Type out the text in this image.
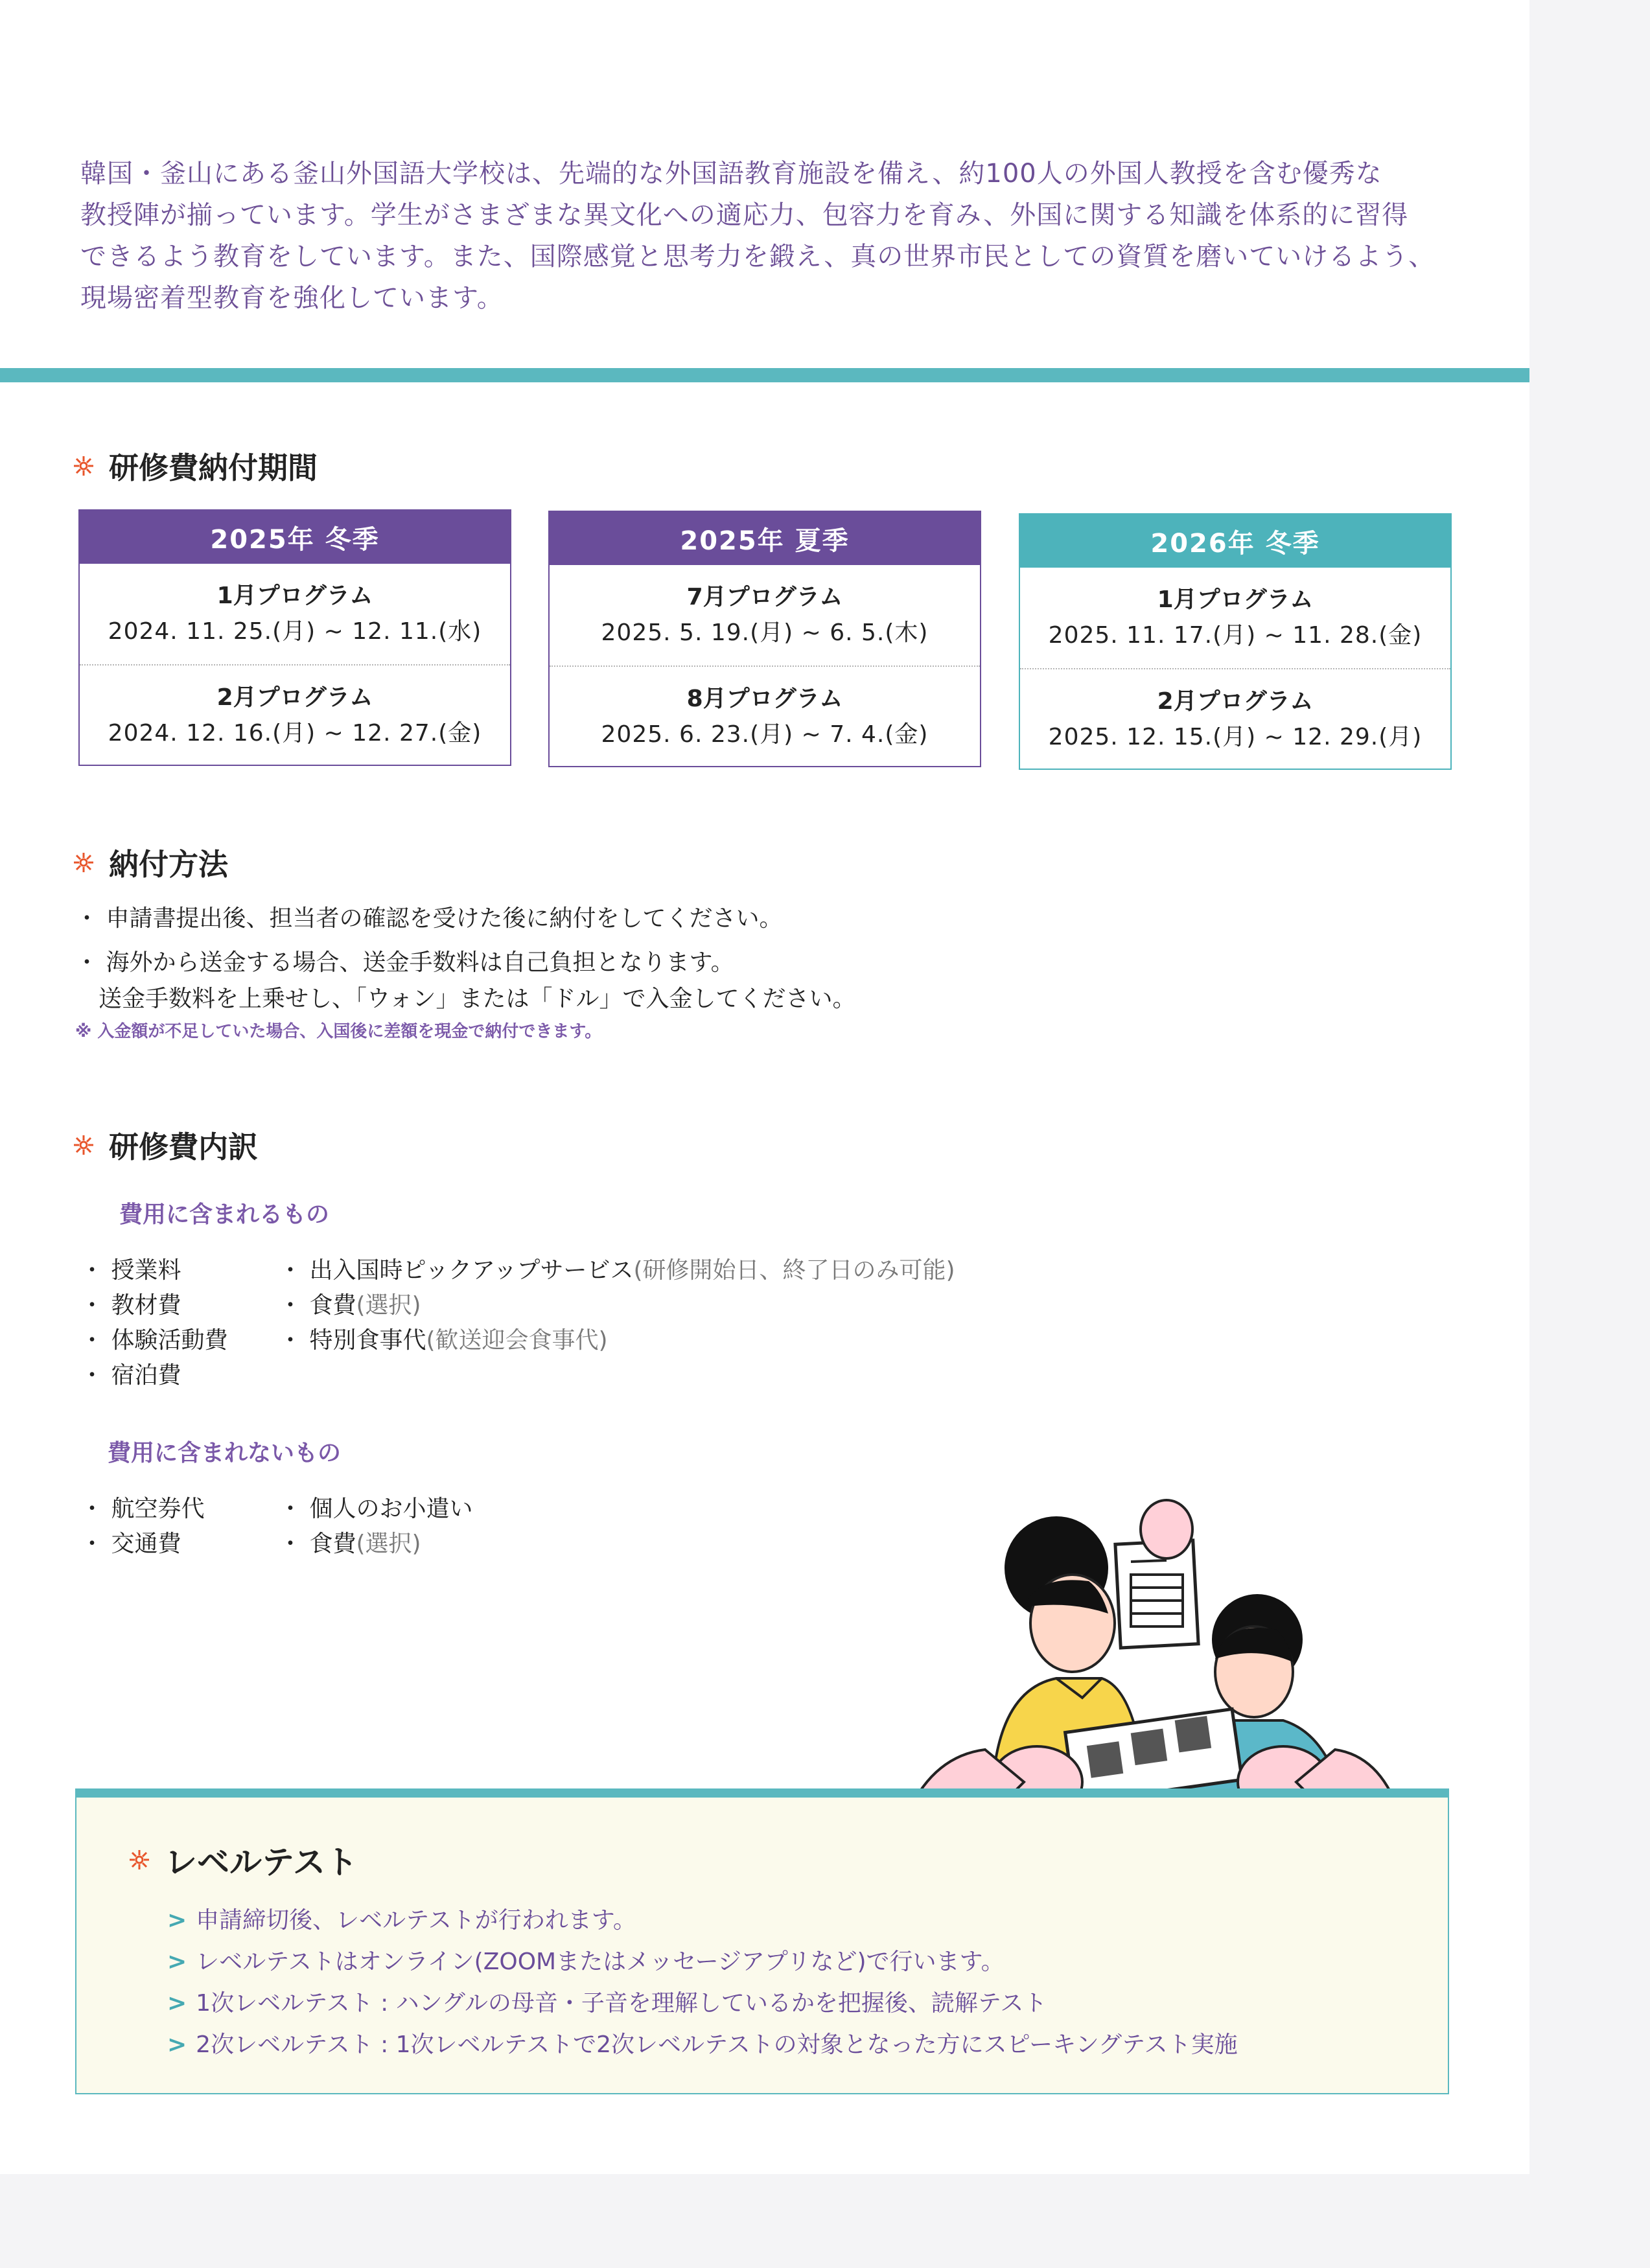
韓国・釜山にある釜山外国語大学校は、先端的な外国語教育施設を備え、約100人の外国人教授を含む優秀な

教授陣が揃っています。学生がさまざまな異文化への適応力、包容力を育み、外国に関する知識を体系的に習得

できるよう教育をしています。また、国際感覚と思考力を鍛え、真の世界市民としての資質を磨いていけるよう、

現場密着型教育を強化しています。

研修費納付期間
2025年 冬季
1月プログラム
2024. 11. 25.(月) ~ 12. 11.(水)
2月プログラム
2024. 12. 16.(月) ~ 12. 27.(金)
2025年 夏季
7月プログラム
2025. 5. 19.(月) ~ 6. 5.(木)
8月プログラム
2025. 6. 23.(月) ~ 7. 4.(金)
2026年 冬季
1月プログラム
2025. 11. 17.(月) ~ 11. 28.(金)
2月プログラム
2025. 12. 15.(月) ~ 12. 29.(月)
納付方法

・ 申請書提出後、担当者の確認を受けた後に納付をしてください。

・ 海外から送金する場合、送金手数料は自己負担となります。

送金手数料を上乗せし、「ウォン」または「ドル」で入金してください。

※ 入金額が不足していた場合、入国後に差額を現金で納付できます。

研修費内訳
費用に含まれるもの

・ 授業料

・ 教材費

・ 体験活動費

・ 宿泊費

・ 出入国時ピックアップサービス(研修開始日、終了日のみ可能)

・ 食費(選択)

・ 特別食事代(歓送迎会食事代)

費用に含まれないもの

・ 航空券代

・ 交通費

・ 個人のお小遣い

・ 食費(選択)

レベルテスト

> 申請締切後、レベルテストが行われます。

> レベルテストはオンライン(ZOOMまたはメッセージアプリなど)で行います。

> 1次レベルテスト : ハングルの母音・子音を理解しているかを把握後、読解テスト

> 2次レベルテスト : 1次レベルテストで2次レベルテストの対象となった方にスピーキングテスト実施
